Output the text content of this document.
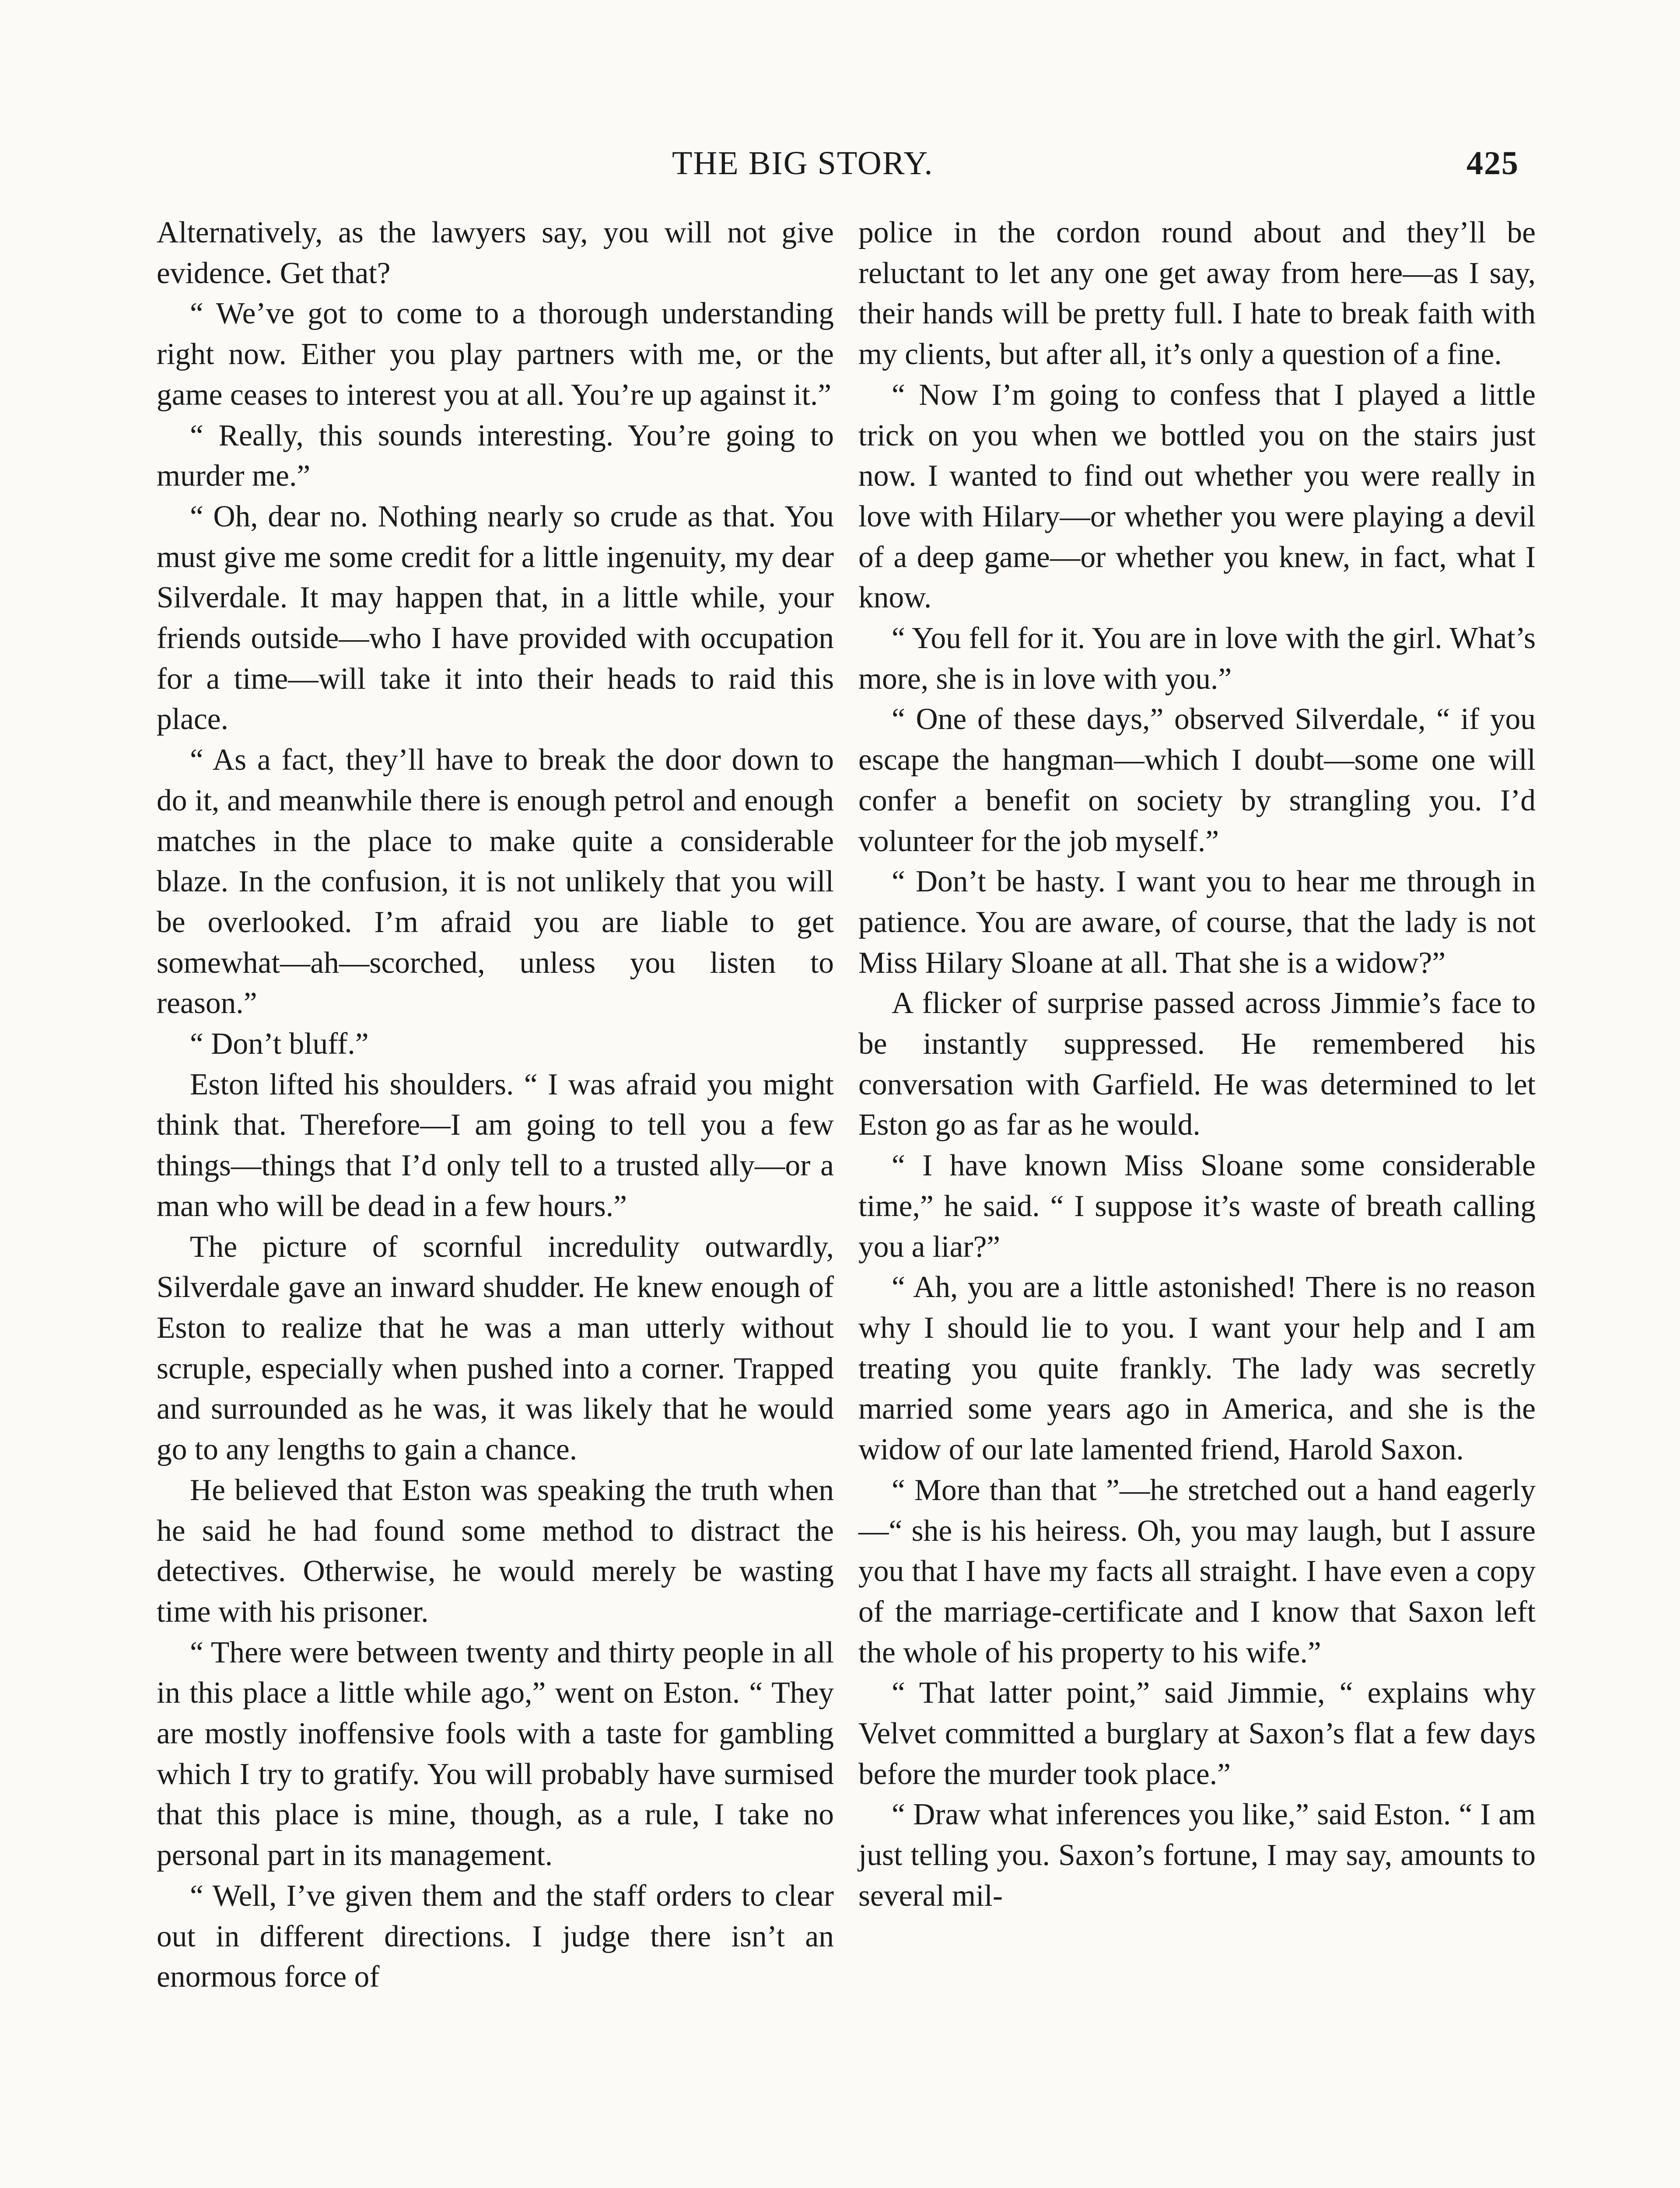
THE BIG STORY.	425

Alternatively, as the lawyers say, you will not give evidence. Get that?

“ We’ve got to come to a thorough understanding right now. Either you play partners with me, or the game ceases to interest you at all. You’re up against it.”

“ Really, this sounds interesting. You’re going to murder me.”

“ Oh, dear no. Nothing nearly so crude as that. You must give me some credit for a little ingenuity, my dear Silverdale. It may happen that, in a little while, your friends outside—who I have provided with occupation for a time—will take it into their heads to raid this place.

“ As a fact, they’ll have to break the door down to do it, and meanwhile there is enough petrol and enough matches in the place to make quite a considerable blaze. In the confusion, it is not unlikely that you will be overlooked. I’m afraid you are liable to get somewhat—ah—scorched, unless you listen to reason.”

“ Don’t bluff.”

Eston lifted his shoulders. “ I was afraid you might think that. Therefore—I am going to tell you a few things—things that I’d only tell to a trusted ally—or a man who will be dead in a few hours.”

The picture of scornful incredulity outwardly, Silverdale gave an inward shudder. He knew enough of Eston to realize that he was a man utterly without scruple, especially when pushed into a corner. Trapped and surrounded as he was, it was likely that he would go to any lengths to gain a chance.

He believed that Eston was speaking the truth when he said he had found some method to distract the detectives. Otherwise, he would merely be wasting time with his prisoner.

“ There were between twenty and thirty people in all in this place a little while ago,” went on Eston. “ They are mostly inoffensive fools with a taste for gambling which I try to gratify. You will probably have surmised that this place is mine, though, as a rule, I take no personal part in its management.

“ Well, I’ve given them and the staff orders to clear out in different directions. I judge there isn’t an enormous force of

police in the cordon round about and they’ll be reluctant to let any one get away from here—as I say, their hands will be pretty full. I hate to break faith with my clients, but after all, it’s only a question of a fine.

“ Now I’m going to confess that I played a little trick on you when we bottled you on the stairs just now. I wanted to find out whether you were really in love with Hilary—or whether you were playing a devil of a deep game—or whether you knew, in fact, what I know.

“ You fell for it. You are in love with the girl. What’s more, she is in love with you.”

“ One of these days,” observed Silverdale, “ if you escape the hangman—which I doubt—some one will confer a benefit on society by strangling you. I’d volunteer for the job myself.”

“ Don’t be hasty. I want you to hear me through in patience. You are aware, of course, that the lady is not Miss Hilary Sloane at all. That she is a widow?”

A flicker of surprise passed across Jimmie’s face to be instantly suppressed. He remembered his conversation with Garfield. He was determined to let Eston go as far as he would.

“ I have known Miss Sloane some considerable time,” he said. “ I suppose it’s waste of breath calling you a liar?”

“ Ah, you are a little astonished! There is no reason why I should lie to you. I want your help and I am treating you quite frankly. The lady was secretly married some years ago in America, and she is the widow of our late lamented friend, Harold Saxon.

“ More than that ”—he stretched out a hand eagerly—“ she is his heiress. Oh, you may laugh, but I assure you that I have my facts all straight. I have even a copy of the marriage-certificate and I know that Saxon left the whole of his property to his wife.”

“ That latter point,” said Jimmie, “ explains why Velvet committed a burglary at Saxon’s flat a few days before the murder took place.”

“ Draw what inferences you like,” said Eston. “ I am just telling you. Saxon’s fortune, I may say, amounts to several mil-
